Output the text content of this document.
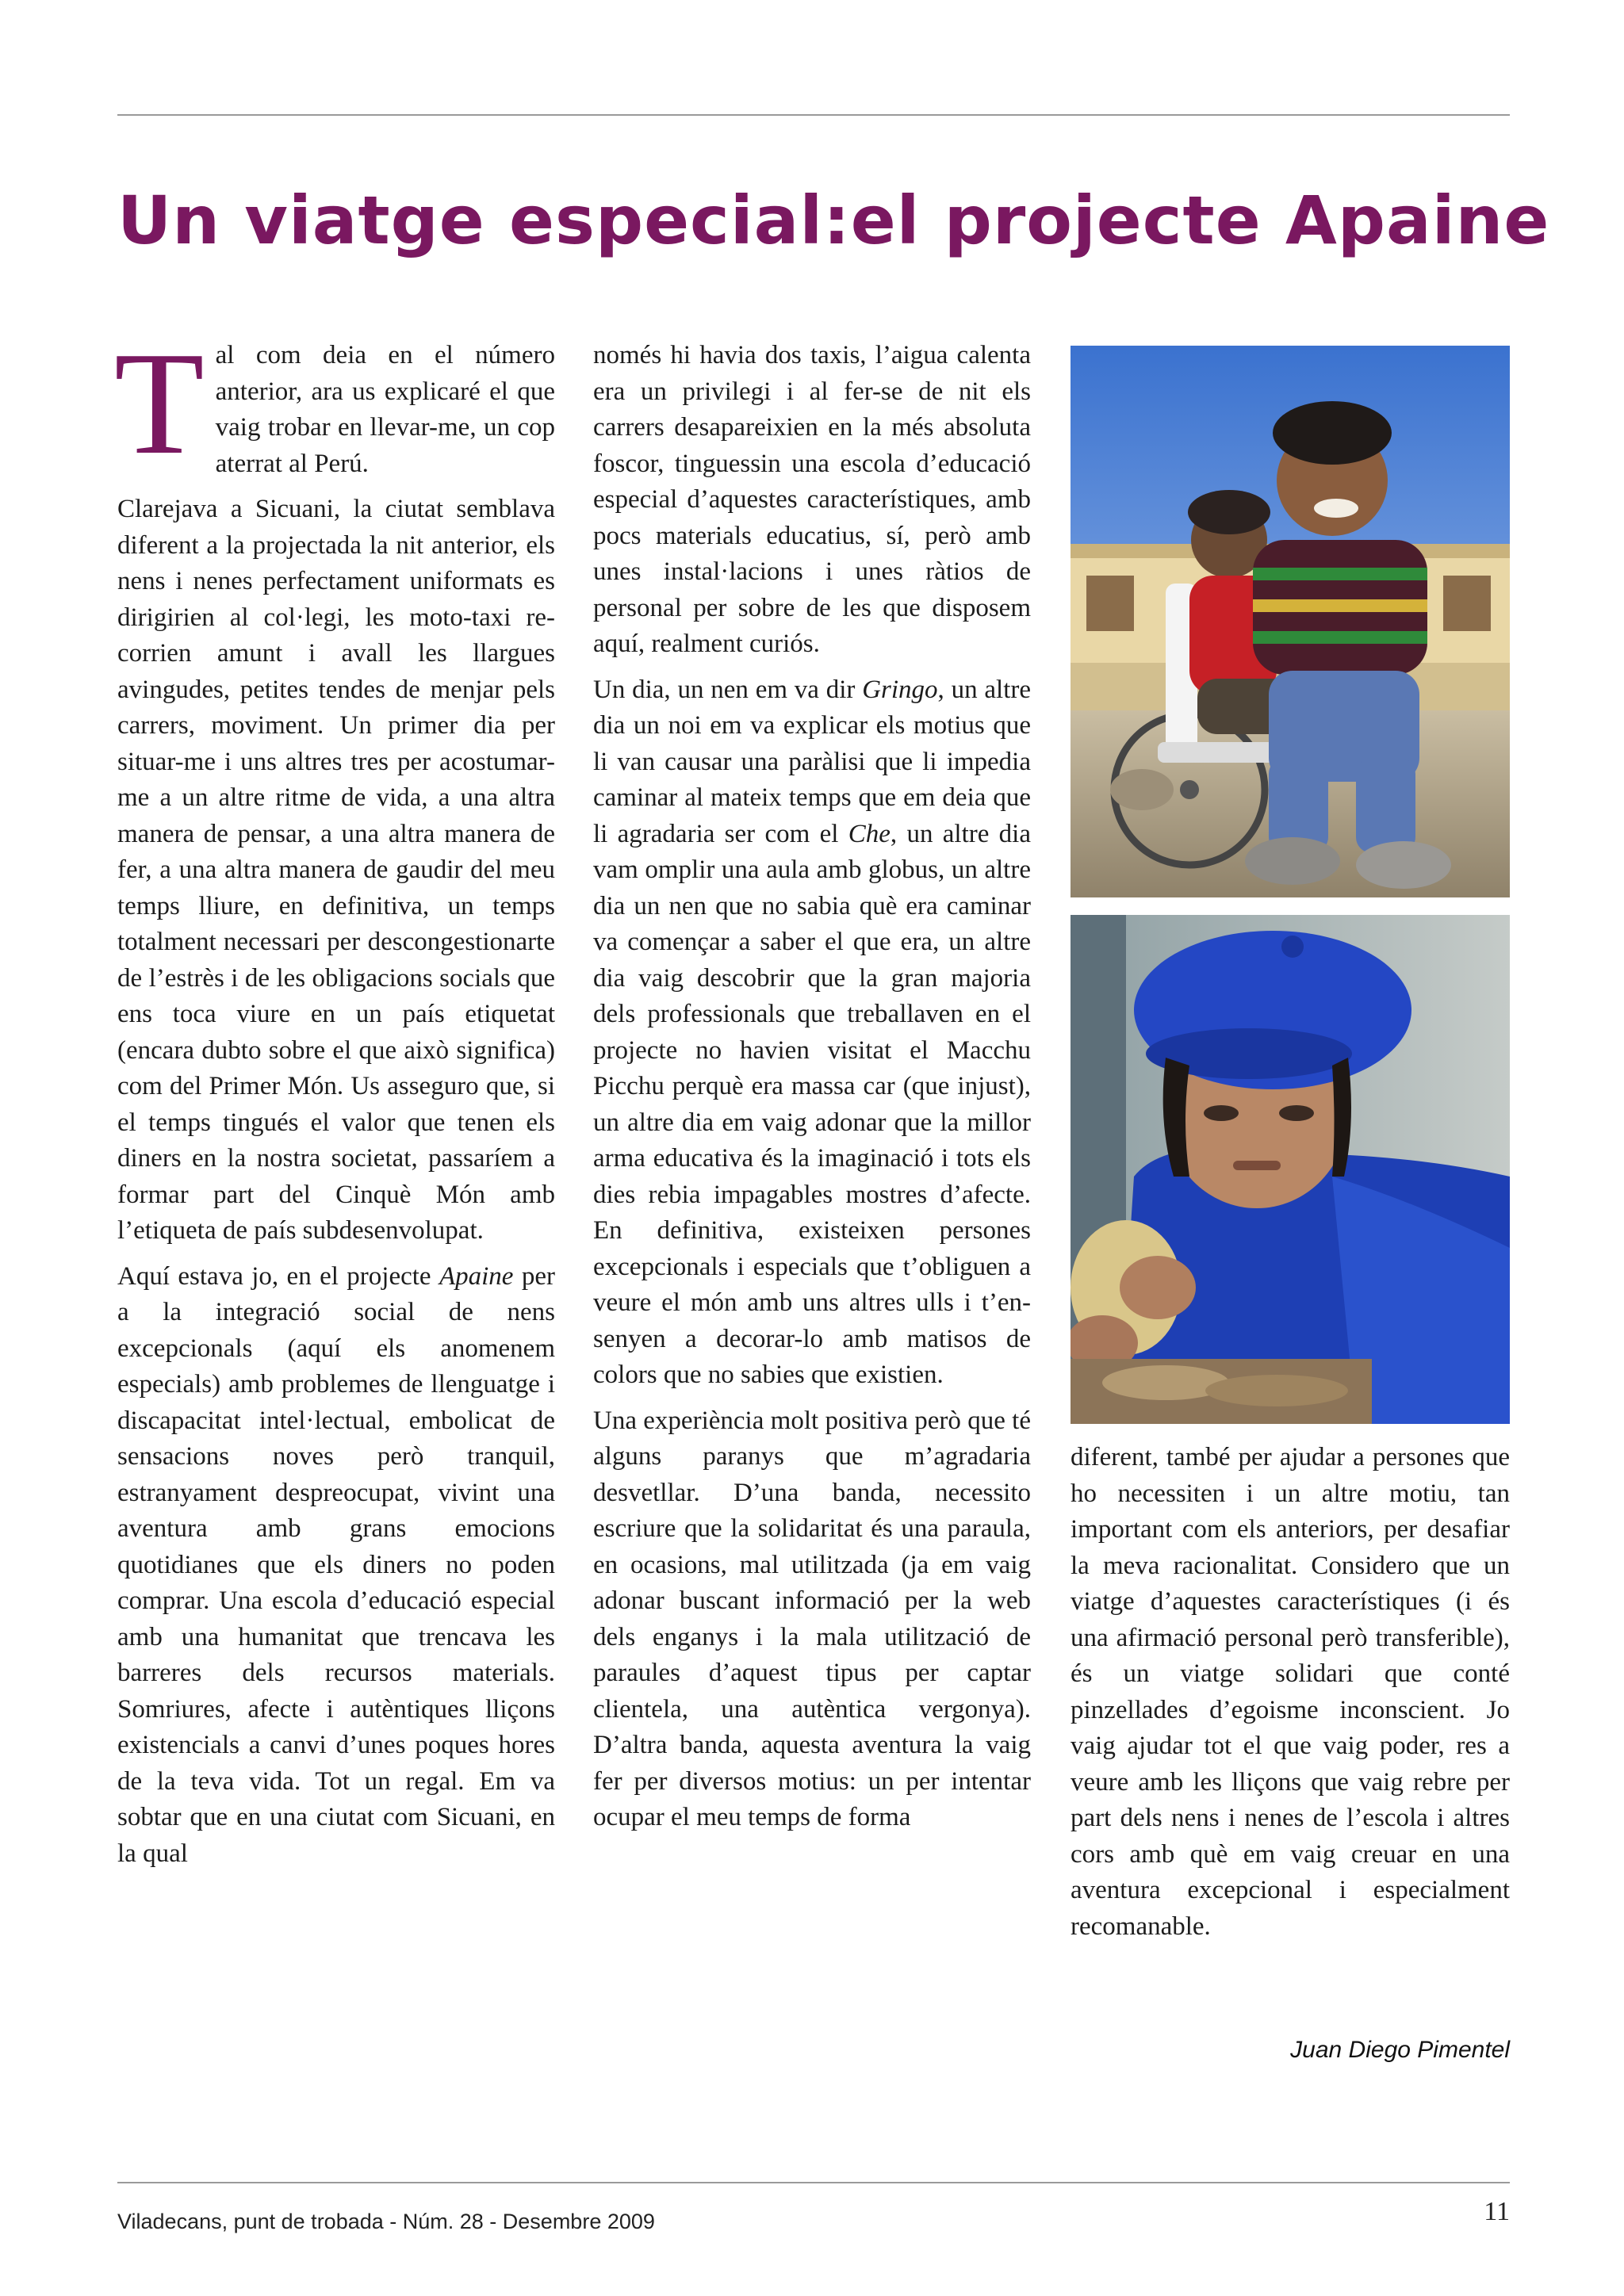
Un viatge especial:el projecte Apaine

Tal com deia en el número anterior, ara us explicaré el que vaig trobar en llevar-me, un cop aterrat al Perú.

Clarejava a Sicuani, la ciutat semblava diferent a la projectada la nit anterior, els nens i nenes perfectament uniformats es dirigirien al col·legi, les moto-taxi recorrien amunt i avall les llargues avingudes, petites tendes de menjar pels carrers, moviment. Un primer dia per situar-me i uns altres tres per acostumar-me a un altre ritme de vida, a una altra manera de pensar, a una altra manera de fer, a una altra manera de gaudir del meu temps lliure, en definitiva, un temps totalment necessari per descongestionarte de l’estrès i de les obligacions socials que ens toca viure en un país etiquetat (encara dubto sobre el que això significa) com del Primer Món. Us asseguro que, si el temps tingués el valor que tenen els diners en la nostra societat, passaríem a formar part del Cinquè Món amb l’etiqueta de país subdesenvolupat.

Aquí estava jo, en el projecte Apaine per a la integració social de nens excepcionals (aquí els anomenem especials) amb problemes de llenguatge i discapacitat intel·lectual, embolicat de sensacions noves però tranquil, estranyament despreocupat, vivint una aventura amb grans emocions quotidianes que els diners no poden comprar. Una escola d’educació especial amb una humanitat que trencava les barreres dels recursos materials. Somriures, afecte i autèntiques lliçons existencials a canvi d’unes poques hores de la teva vida. Tot un regal. Em va sobtar que en una ciutat com Sicuani, en la qual

només hi havia dos taxis, l’aigua calenta era un privilegi i al fer-se de nit els carrers desapareixien en la més absoluta foscor, tinguessin una escola d’educació especial d’aquestes característiques, amb pocs materials educatius, sí, però amb unes instal·lacions i unes ràtios de personal per sobre de les que disposem aquí, realment curiós.

Un dia, un nen em va dir Gringo, un altre dia un noi em va explicar els motius que li van causar una paràlisi que li impedia caminar al mateix temps que em deia que li agradaria ser com el Che, un altre dia vam omplir una aula amb globus, un altre dia un nen que no sabia què era caminar va començar a saber el que era, un altre dia vaig descobrir que la gran majoria dels professionals que treballaven en el projecte no havien visitat el Macchu Picchu perquè era massa car (que injust), un altre dia em vaig adonar que la millor arma educativa és la imaginació i tots els dies rebia impagables mostres d’afecte. En definitiva, existeixen persones excepcionals i especials que t’obliguen a veure el món amb uns altres ulls i t’ensenyen a decorar-lo amb matisos de colors que no sabies que existien.

Una experiència molt positiva però que té alguns paranys que m’agradaria desvetllar. D’una banda, necessito escriure que la solidaritat és una paraula, en ocasions, mal utilitzada (ja em vaig adonar buscant informació per la web dels enganys i la mala utilització de paraules d’aquest tipus per captar clientela, una autèntica vergonya). D’altra banda, aquesta aventura la vaig fer per diversos motius: un per intentar ocupar el meu temps de forma

diferent, també per ajudar a persones que ho necessiten i un altre motiu, tan important com els anteriors, per desafiar la meva racionalitat. Considero que un viatge d’aquestes característiques (i és una afirmació personal però transferible), és un viatge solidari que conté pinzellades d’egoisme inconscient. Jo vaig ajudar tot el que vaig poder, res a veure amb les lliçons que vaig rebre per part dels nens i nenes de l’escola i altres cors amb què em vaig creuar en una aventura excepcional i especialment recomanable.

Juan Diego Pimentel
Viladecans, punt de trobada - Núm. 28 - Desembre 2009	11
